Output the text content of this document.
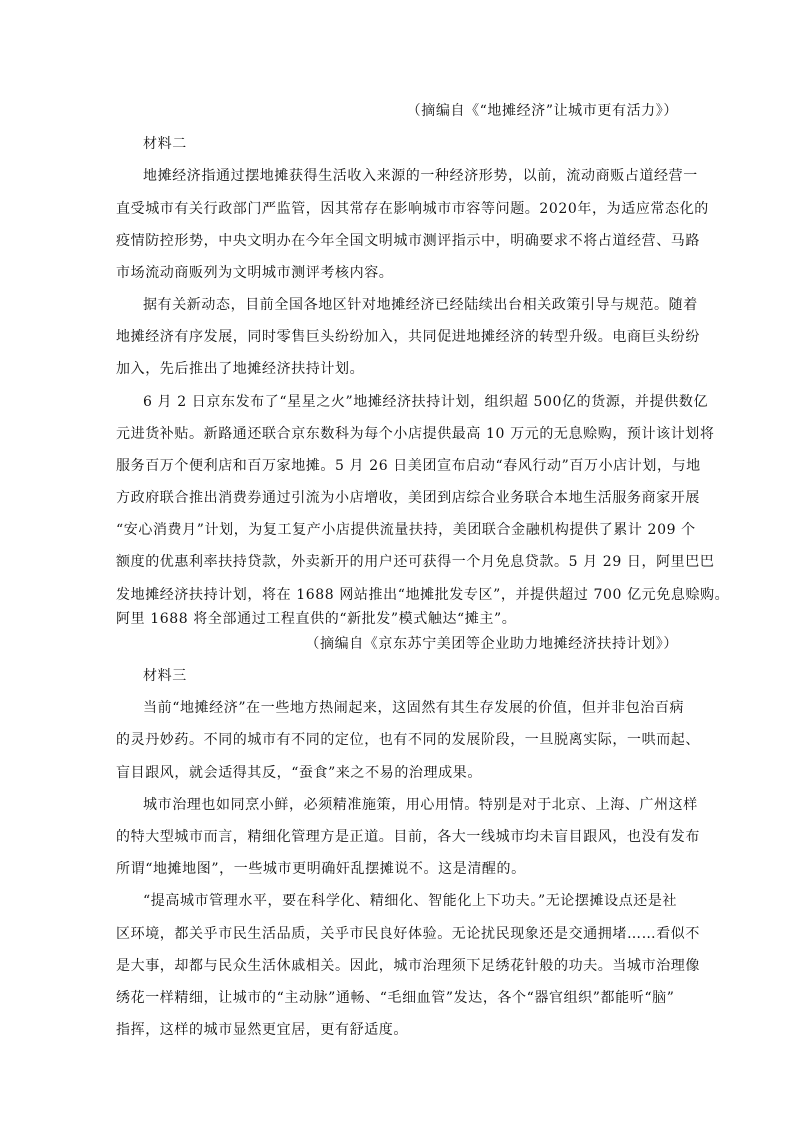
（摘编自《“地摊经济”让城市更有活力》）
材料二
地摊经济指通过摆地摊获得生活收入来源的一种经济形势，以前，流动商贩占道经营一
直受城市有关行政部门严监管，因其常存在影响城市市容等问题。2020年，为适应常态化的
疫情防控形势，中央文明办在今年全国文明城市测评指示中，明确要求不将占道经营、马路
市场流动商贩列为文明城市测评考核内容。
据有关新动态，目前全国各地区针对地摊经济已经陆续出台相关政策引导与规范。随着
地摊经济有序发展，同时零售巨头纷纷加入，共同促进地摊经济的转型升级。电商巨头纷纷
加入，先后推出了地摊经济扶持计划。
6 月 2 日京东发布了“星星之火”地摊经济扶持计划，组织超 500亿的货源，并提供数亿
元进货补贴。新路通还联合京东数科为每个小店提供最高 10 万元的无息赊购，预计该计划将
服务百万个便利店和百万家地摊。5 月 26 日美团宣布启动“春风行动”百万小店计划，与地
方政府联合推出消费券通过引流为小店增收，美团到店综合业务联合本地生活服务商家开展
“安心消费月”计划，为复工复产小店提供流量扶持，美团联合金融机构提供了累计 209 个
额度的优惠利率扶持贷款，外卖新开的用户还可获得一个月免息贷款。5 月 29 日，阿里巴巴
发地摊经济扶持计划，将在 1688 网站推出“地摊批发专区”，并提供超过 700 亿元免息赊购。
阿里 1688 将全部通过工程直供的“新批发”模式触达“摊主”。
（摘编自《京东苏宁美团等企业助力地摊经济扶持计划》）
材料三
当前“地摊经济”在一些地方热闹起来，这固然有其生存发展的价值，但并非包治百病
的灵丹妙药。不同的城市有不同的定位，也有不同的发展阶段，一旦脱离实际，一哄而起、
盲目跟风，就会适得其反，“蚕食”来之不易的治理成果。
城市治理也如同烹小鲜，必须精准施策，用心用情。特别是对于北京、上海、广州这样
的特大型城市而言，精细化管理方是正道。目前，各大一线城市均未盲目跟风，也没有发布
所谓“地摊地图”，一些城市更明确奸乱摆摊说不。这是清醒的。
“提高城市管理水平，要在科学化、精细化、智能化上下功夫。”无论摆摊设点还是社
区环境，都关乎市民生活品质，关乎市民良好体验。无论扰民现象还是交通拥堵……看似不
是大事，却都与民众生活休戚相关。因此，城市治理须下足绣花针般的功夫。当城市治理像
绣花一样精细，让城市的“主动脉”通畅、“毛细血管”发达，各个“器官组织”都能听“脑”
指挥，这样的城市显然更宜居，更有舒适度。
